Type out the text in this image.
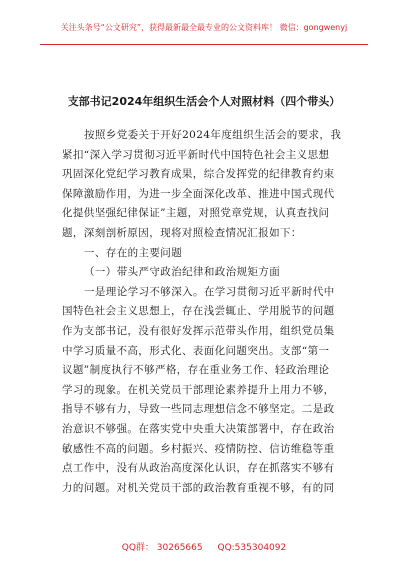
关注头条号“公文研究”，获得最新最全最专业的公文资料库！ 微信：gongwenyj
支部书记2024年组织生活会个人对照材料（四个带头）
按照乡党委关于开好2024年度组织生活会的要求，我
紧扣“深入学习贯彻习近平新时代中国特色社会主义思想
巩固深化党纪学习教育成果，综合发挥党的纪律教育约束
保障激励作用，为进一步全面深化改革、推进中国式现代
化提供坚强纪律保证”主题，对照党章党规，认真查找问
题，深刻剖析原因，现将对照检查情况汇报如下：
一、存在的主要问题
（一）带头严守政治纪律和政治规矩方面
一是理论学习不够深入。在学习贯彻习近平新时代中
国特色社会主义思想上，存在浅尝辄止、学用脱节的问题
作为支部书记，没有很好发挥示范带头作用，组织党员集
中学习质量不高，形式化、表面化问题突出。支部“第一
议题”制度执行不够严格，存在重业务工作、轻政治理论
学习的现象。在机关党员干部理论素养提升上用力不够，
指导不够有力，导致一些同志理想信念不够坚定。二是政
治意识不够强。在落实党中央重大决策部署中，存在政治
敏感性不高的问题。乡村振兴、疫情防控、信访维稳等重
点工作中，没有从政治高度深化认识，存在抓落实不够有
力的问题。对机关党员干部的政治教育重视不够，有的同
QQ群： 30265665 QQ:535304092
